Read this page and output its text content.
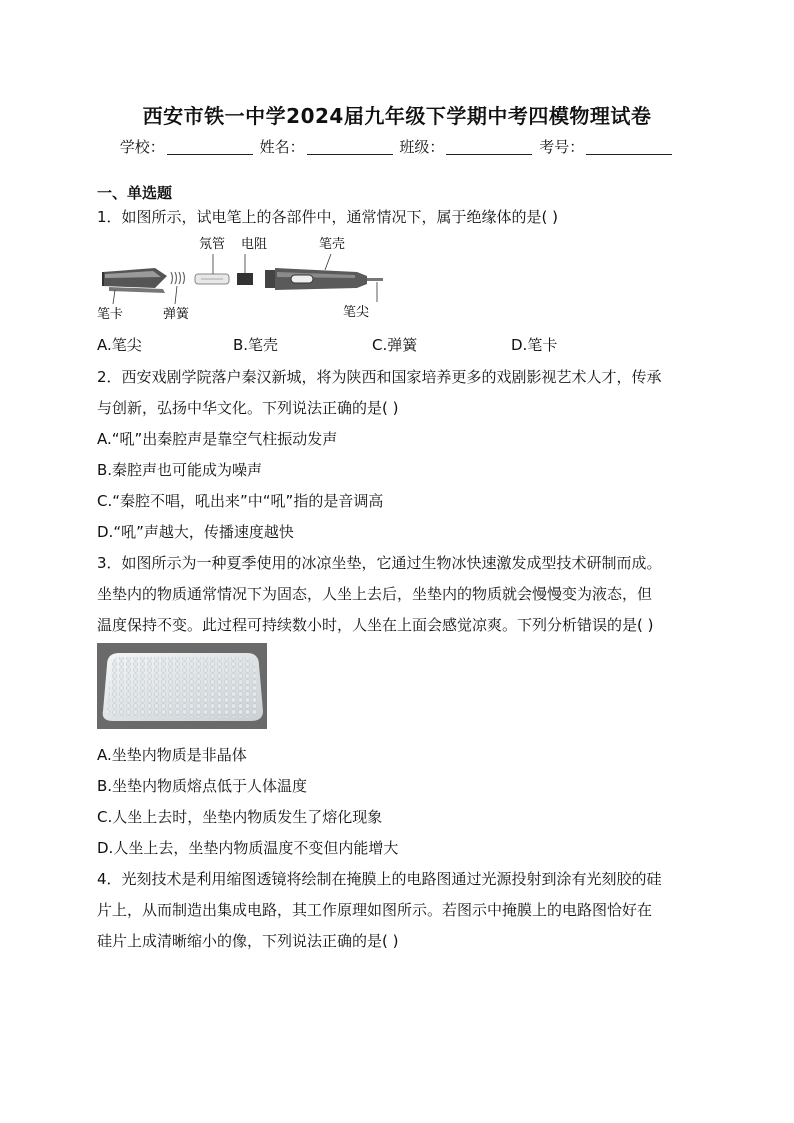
西安市铁一中学2024届九年级下学期中考四模物理试卷
学校：	姓名：	班级：	考号：
一、单选题
1．如图所示，试电笔上的各部件中，通常情况下，属于绝缘体的是( )
氖管 电阻	笔壳
笔卡	弹簧	笔尖
A.笔尖	B.笔壳	C.弹簧	D.笔卡
2．西安戏剧学院落户秦汉新城，将为陕西和国家培养更多的戏剧影视艺术人才，传承
与创新，弘扬中华文化。下列说法正确的是( )
A.“吼”出秦腔声是靠空气柱振动发声
B.秦腔声也可能成为噪声
C.“秦腔不唱，吼出来”中“吼”指的是音调高
D.“吼”声越大，传播速度越快
3．如图所示为一种夏季使用的冰凉坐垫，它通过生物冰快速激发成型技术研制而成。
坐垫内的物质通常情况下为固态，人坐上去后，坐垫内的物质就会慢慢变为液态，但
温度保持不变。此过程可持续数小时，人坐在上面会感觉凉爽。下列分析错误的是( )
A.坐垫内物质是非晶体
B.坐垫内物质熔点低于人体温度
C.人坐上去时，坐垫内物质发生了熔化现象
D.人坐上去，坐垫内物质温度不变但内能增大
4．光刻技术是利用缩图透镜将绘制在掩膜上的电路图通过光源投射到涂有光刻胶的硅
片上，从而制造出集成电路，其工作原理如图所示。若图示中掩膜上的电路图恰好在
硅片上成清晰缩小的像，下列说法正确的是( )
